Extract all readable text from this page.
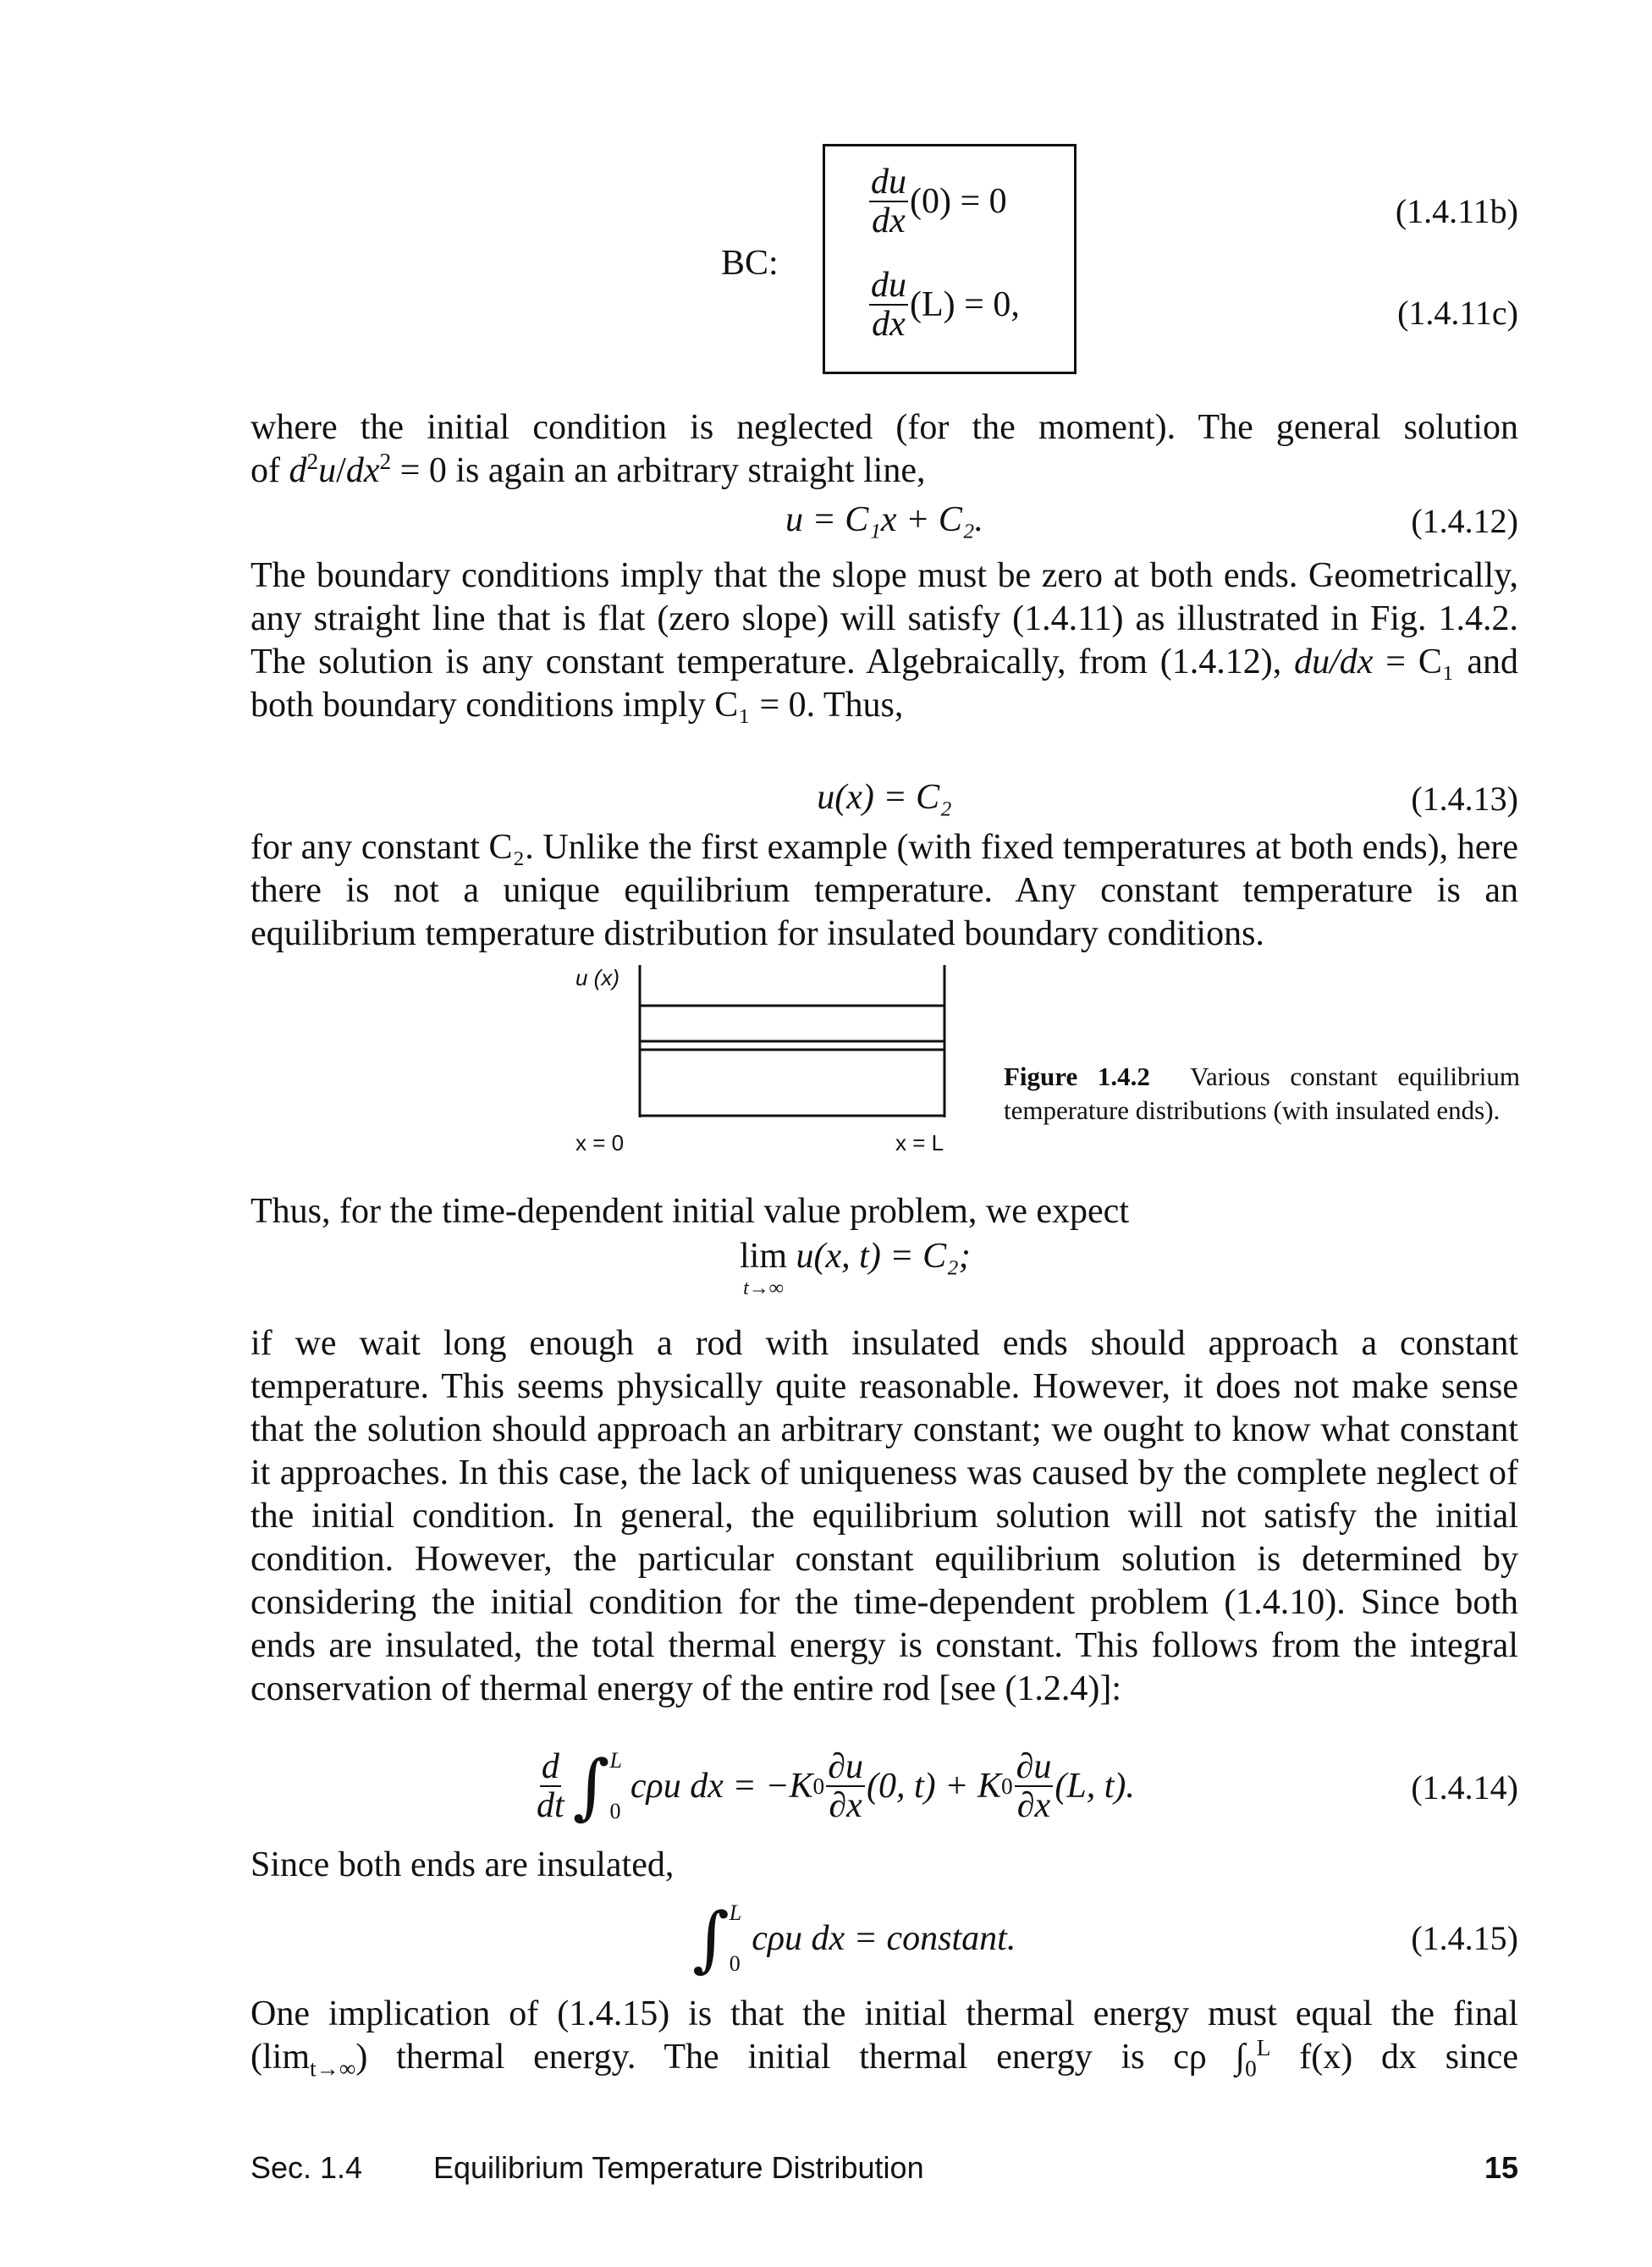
BC:
$\frac{du}{dx} (0) = 0$
$\frac{du}{dx} (L) = 0$,
(1.4.11b)
(1.4.11c)
where the initial condition is neglected (for the moment). The general solution
of $d^2u/dx^2 = 0$ is again an arbitrary straight line,
u = C₁x + C₂.	(1.4.12)
The boundary conditions imply that the slope must be zero at both ends. Geometrically, any straight line that is flat (zero slope) will satisfy (1.4.11) as illustrated in Fig. 1.4.2. The solution is any constant temperature. Algebraically, from (1.4.12), du/dx = C₁ and both boundary conditions imply C₁ = 0. Thus,
u(x) = C₂	(1.4.13)
for any constant C₂. Unlike the first example (with fixed temperatures at both ends), here there is not a unique equilibrium temperature. Any constant temperature is an equilibrium temperature distribution for insulated boundary conditions.
u (x)
x = 0	x = L
Figure 1.4.2 Various constant equilibrium temperature distributions (with insulated ends).
Thus, for the time-dependent initial value problem, we expect
lim
t→∞
u(x, t) = C₂;
if we wait long enough a rod with insulated ends should approach a constant temperature. This seems physically quite reasonable. However, it does not make sense that the solution should approach an arbitrary constant; we ought to know what constant it approaches. In this case, the lack of uniqueness was caused by the complete neglect of the initial condition. In general, the equilibrium solution will not satisfy the initial condition. However, the particular constant equilibrium solution is determined by considering the initial condition for the time-dependent problem (1.4.10). Since both ends are insulated, the total thermal energy is constant. This follows from the integral conservation of thermal energy of the entire rod [see (1.2.4)]:
$\frac{d}{dt}$ ∫ L
0
cρu dx = −K $0 \frac{\partial u}{\partial x} (0$, t) + K $0 \frac{\partial u}{\partial x} (L$, t).	(1.4.14)
Since both ends are insulated,
∫ L
0
cρu dx = constant.	(1.4.15)
One implication of (1.4.15) is that the initial thermal energy must equal the final
$(\lim_{t\to\infty})$ thermal energy. The initial thermal energy is cρ $\int_0^L$ f(x) dx since
Sec. 1.4 Equilibrium Temperature Distribution	15
